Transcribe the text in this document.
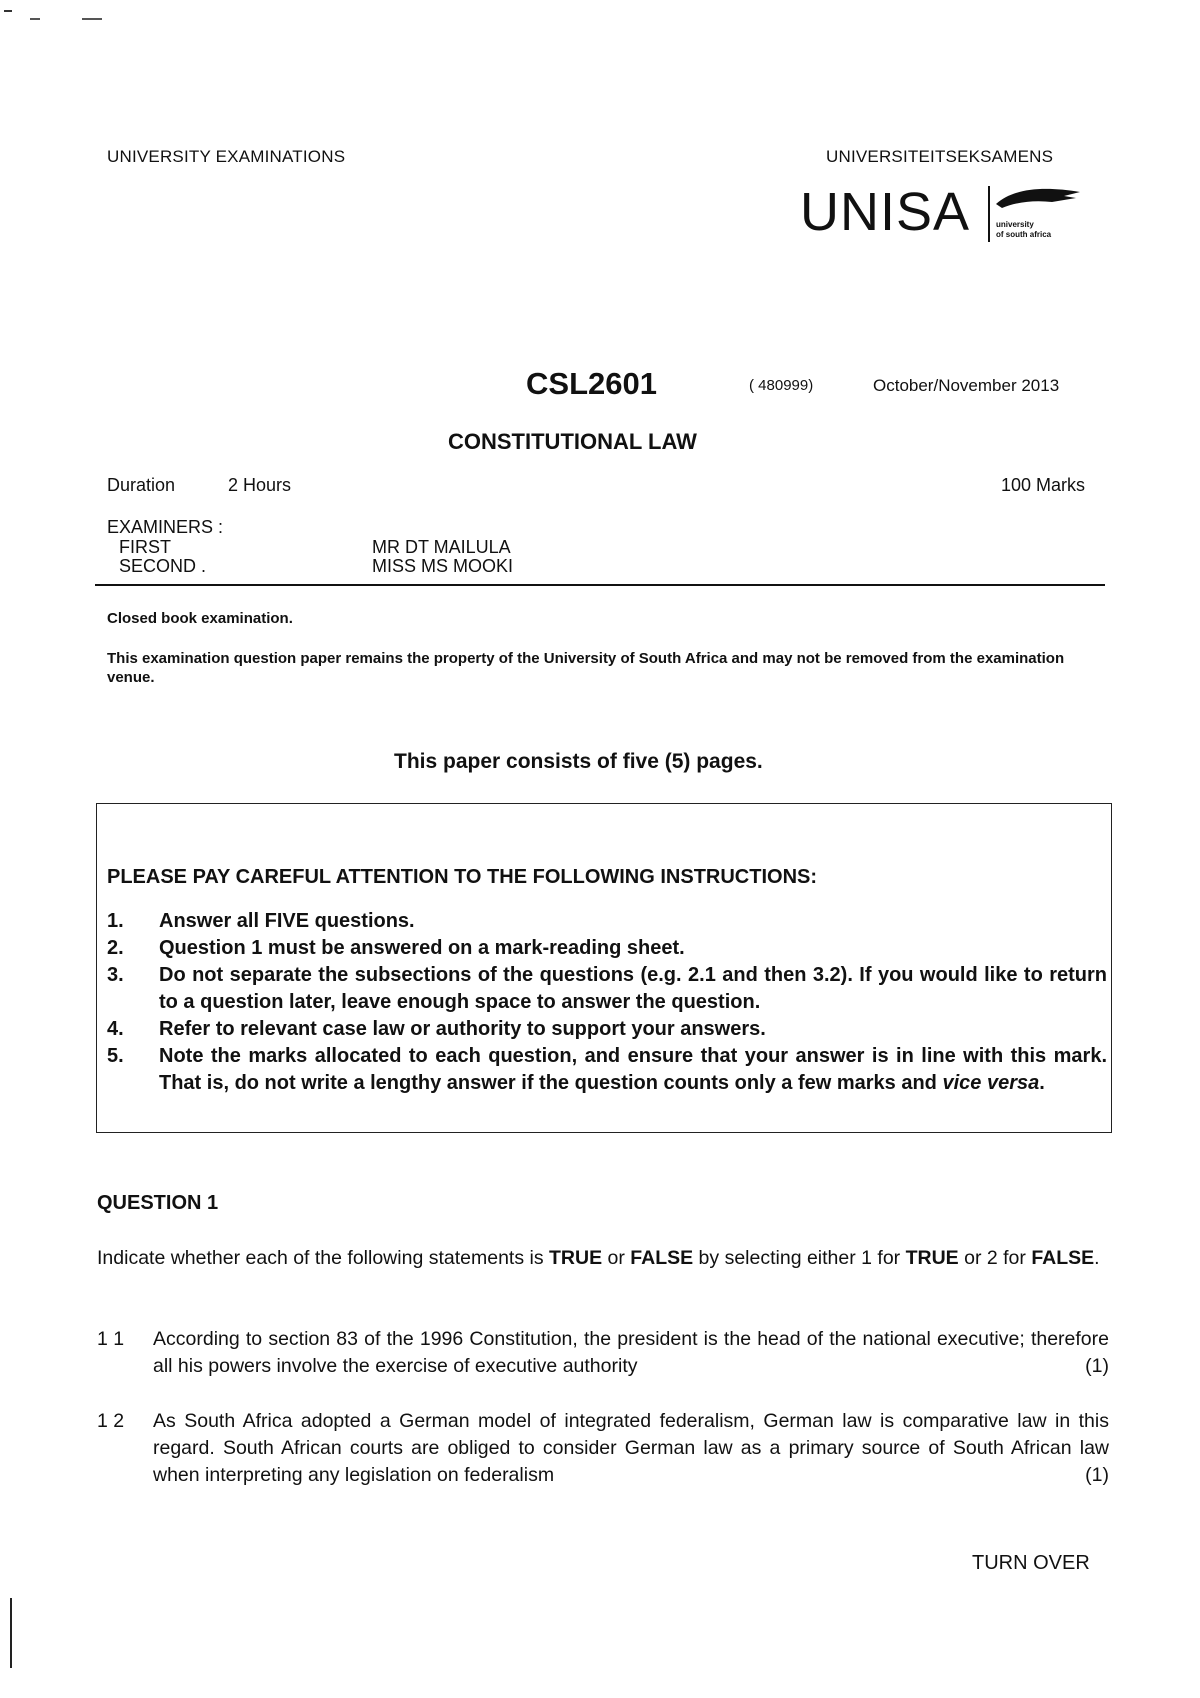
UNIVERSITY EXAMINATIONS	UNIVERSITEITSEKSAMENS
UNISA	university
of south africa
CSL2601	( 480999)	October/November 2013
CONSTITUTIONAL LAW
Duration	2 Hours	100 Marks
EXAMINERS :
FIRST	MR DT MAILULA
SECOND .	MISS MS MOOKI
Closed book examination.
This examination question paper remains the property of the University of South Africa and may not be removed from the examination venue.
This paper consists of five (5) pages.
PLEASE PAY CAREFUL ATTENTION TO THE FOLLOWING INSTRUCTIONS:
1. Answer all FIVE questions.
2. Question 1 must be answered on a mark-reading sheet.
3. Do not separate the subsections of the questions (e.g. 2.1 and then 3.2). If you would like to return to a question later, leave enough space to answer the question.
4. Refer to relevant case law or authority to support your answers.
5. Note the marks allocated to each question, and ensure that your answer is in line with this mark. That is, do not write a lengthy answer if the question counts only a few marks and vice versa.
QUESTION 1
Indicate whether each of the following statements is TRUE or FALSE by selecting either 1 for TRUE or 2 for FALSE.
1 1 According to section 83 of the 1996 Constitution, the president is the head of the national executive; therefore all his powers involve the exercise of executive authority	(1)
1 2 As South Africa adopted a German model of integrated federalism, German law is comparative law in this regard. South African courts are obliged to consider German law as a primary source of South African law when interpreting any legislation on federalism	(1)
TURN OVER
